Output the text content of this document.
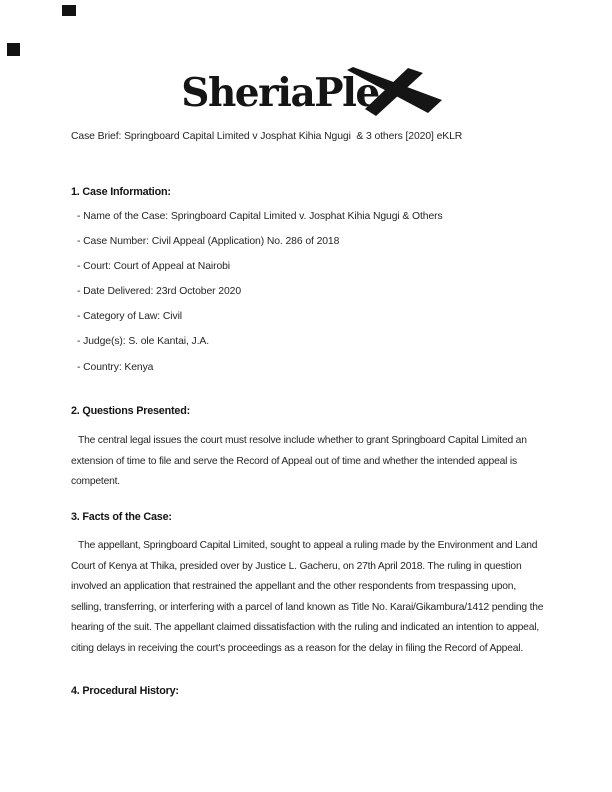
SheriaPle
Case Brief: Springboard Capital Limited v Josphat Kihia Ngugi  & 3 others [2020] eKLR
1. Case Information:
- Name of the Case: Springboard Capital Limited v. Josphat Kihia Ngugi & Others
- Case Number: Civil Appeal (Application) No. 286 of 2018
- Court: Court of Appeal at Nairobi
- Date Delivered: 23rd October 2020
- Category of Law: Civil
- Judge(s): S. ole Kantai, J.A.
- Country: Kenya
2. Questions Presented:
The central legal issues the court must resolve include whether to grant Springboard Capital Limited an extension of time to file and serve the Record of Appeal out of time and whether the intended appeal is competent.
3. Facts of the Case:
The appellant, Springboard Capital Limited, sought to appeal a ruling made by the Environment and Land Court of Kenya at Thika, presided over by Justice L. Gacheru, on 27th April 2018. The ruling in question involved an application that restrained the appellant and the other respondents from trespassing upon, selling, transferring, or interfering with a parcel of land known as Title No. Karai/Gikambura/1412 pending the hearing of the suit. The appellant claimed dissatisfaction with the ruling and indicated an intention to appeal, citing delays in receiving the court's proceedings as a reason for the delay in filing the Record of Appeal.
4. Procedural History:
